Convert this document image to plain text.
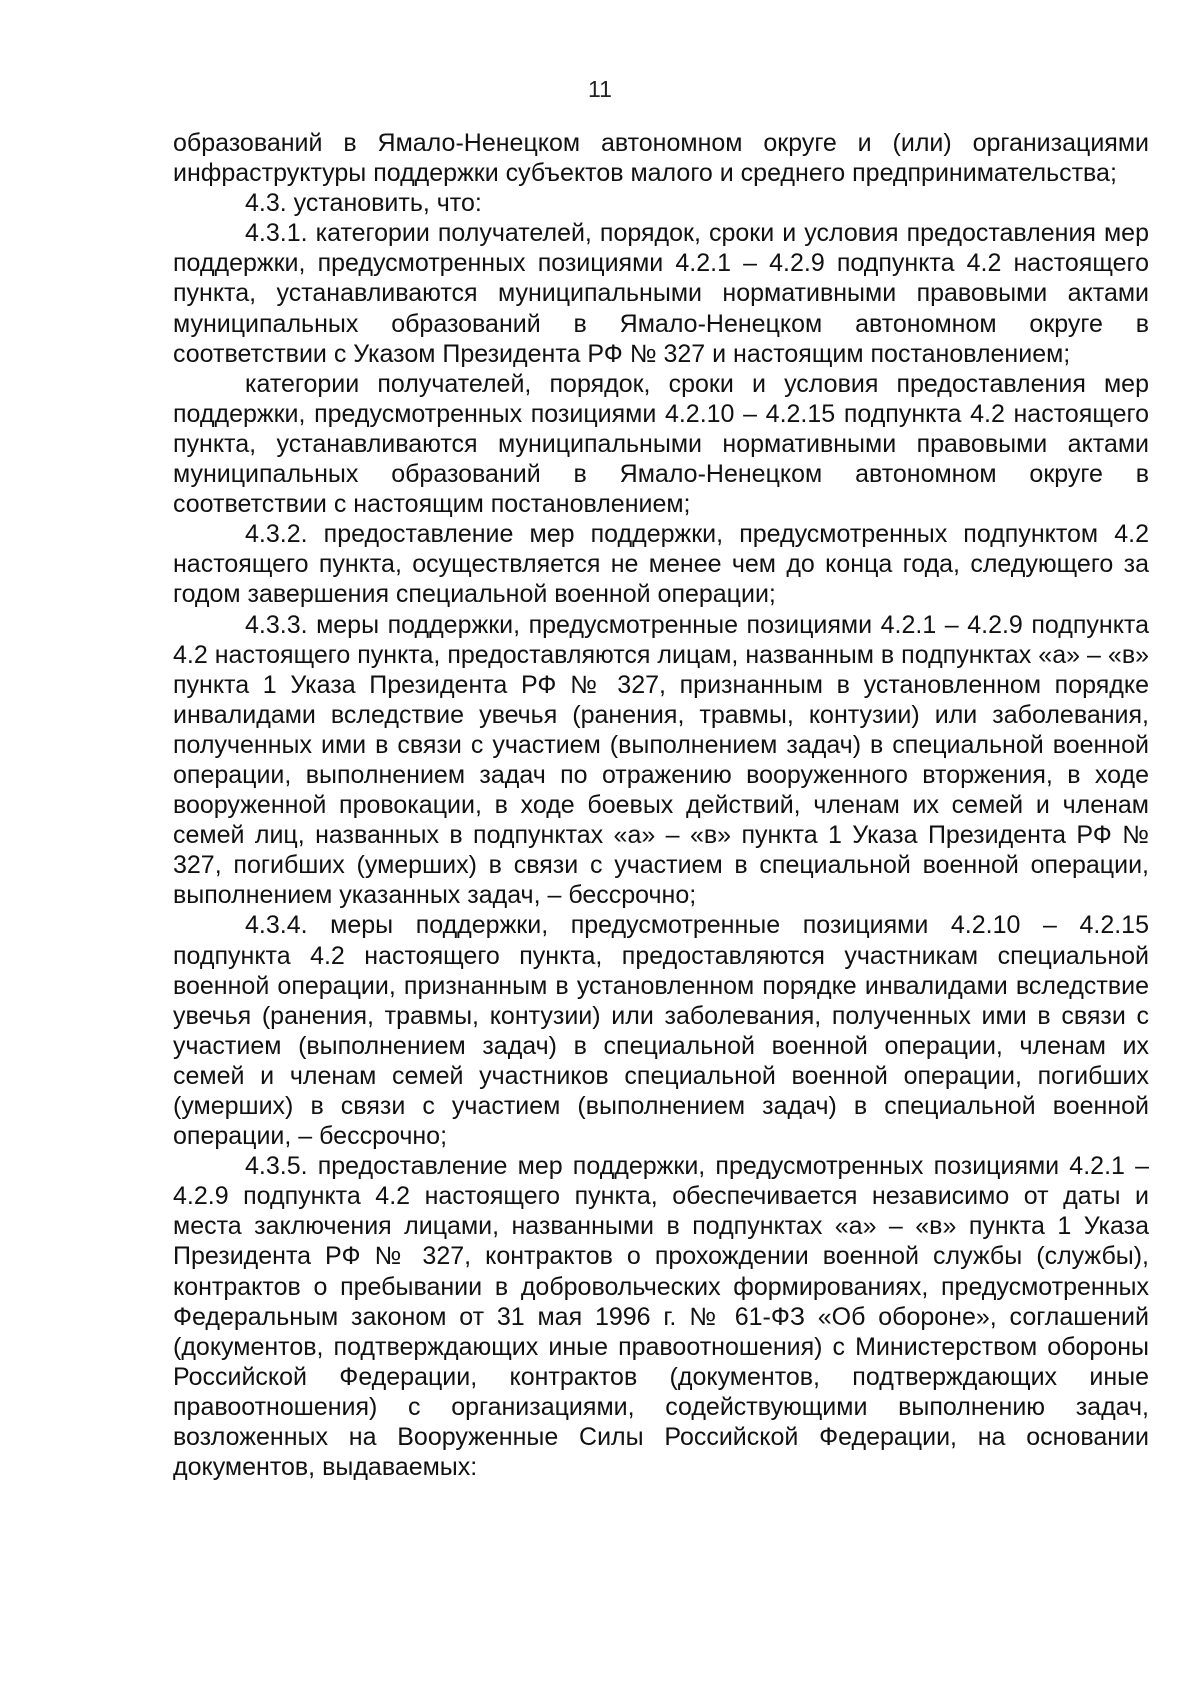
11

образований в Ямало-Ненецком автономном округе и (или) организациями инфраструктуры поддержки субъектов малого и среднего предпринимательства;

4.3. установить, что:

4.3.1. категории получателей, порядок, сроки и условия предоставления мер поддержки, предусмотренных позициями 4.2.1 – 4.2.9 подпункта 4.2 настоящего пункта, устанавливаются муниципальными нормативными правовыми актами муниципальных образований в Ямало-Ненецком автономном округе в соответствии с Указом Президента РФ № 327 и настоящим постановлением;

категории получателей, порядок, сроки и условия предоставления мер поддержки, предусмотренных позициями 4.2.10 – 4.2.15 подпункта 4.2 настоящего пункта, устанавливаются муниципальными нормативными правовыми актами муниципальных образований в Ямало-Ненецком автономном округе в соответствии с настоящим постановлением;

4.3.2. предоставление мер поддержки, предусмотренных подпунктом 4.2 настоящего пункта, осуществляется не менее чем до конца года, следующего за годом завершения специальной военной операции;

4.3.3. меры поддержки, предусмотренные позициями 4.2.1 – 4.2.9 подпункта 4.2 настоящего пункта, предоставляются лицам, названным в подпунктах «а» – «в» пункта 1 Указа Президента РФ № 327, признанным в установленном порядке инвалидами вследствие увечья (ранения, травмы, контузии) или заболевания, полученных ими в связи с участием (выполнением задач) в специальной военной операции, выполнением задач по отражению вооруженного вторжения, в ходе вооруженной провокации, в ходе боевых действий, членам их семей и членам семей лиц, названных в подпунктах «а» – «в» пункта 1 Указа Президента РФ № 327, погибших (умерших) в связи с участием в специальной военной операции, выполнением указанных задач, – бессрочно;

4.3.4. меры поддержки, предусмотренные позициями 4.2.10 – 4.2.15 подпункта 4.2 настоящего пункта, предоставляются участникам специальной военной операции, признанным в установленном порядке инвалидами вследствие увечья (ранения, травмы, контузии) или заболевания, полученных ими в связи с участием (выполнением задач) в специальной военной операции, членам их семей и членам семей участников специальной военной операции, погибших (умерших) в связи с участием (выполнением задач) в специальной военной операции, – бессрочно;

4.3.5. предоставление мер поддержки, предусмотренных позициями 4.2.1 – 4.2.9 подпункта 4.2 настоящего пункта, обеспечивается независимо от даты и места заключения лицами, названными в подпунктах «а» – «в» пункта 1 Указа Президента РФ № 327, контрактов о прохождении военной службы (службы), контрактов о пребывании в добровольческих формированиях, предусмотренных Федеральным законом от 31 мая 1996 г. № 61-ФЗ «Об обороне», соглашений (документов, подтверждающих иные правоотношения) с Министерством обороны Российской Федерации, контрактов (документов, подтверждающих иные правоотношения) с организациями, содействующими выполнению задач, возложенных на Вооруженные Силы Российской Федерации, на основании документов, выдаваемых:
